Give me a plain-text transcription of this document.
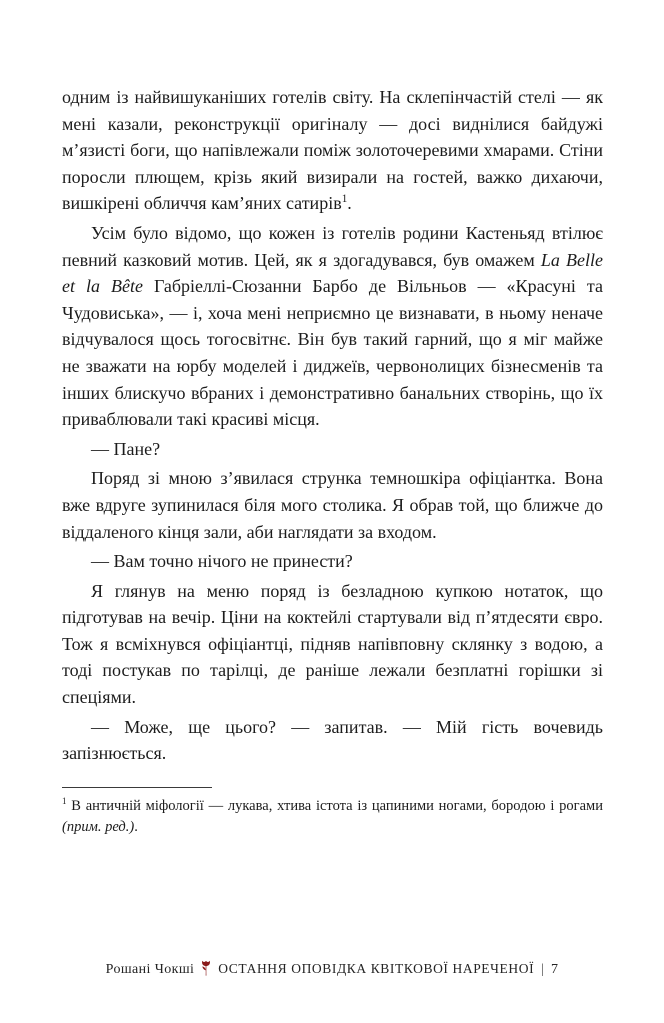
одним із найвишуканіших готелів світу. На склепінчастій стелі — як мені казали, реконструкції оригіналу — досі виднілися байдужі м’язисті боги, що напівлежали поміж золоточеревими хмарами. Стіни поросли плющем, крізь який визирали на гостей, важко дихаючи, вишкірені обличчя кам’яних сатирів$^1$.

Усім було відомо, що кожен із готелів родини Кастеньяд втілює певний казковий мотив. Цей, як я здогадувався, був омажем La Belle et la Bête Габріеллі-Сюзанни Барбо де Вільньов — «Красуні та Чудовиська», — і, хоча мені неприємно це визнавати, в ньому неначе відчувалося щось тогосвітнє. Він був такий гарний, що я міг майже не зважати на юрбу моделей і диджеїв, червонолицих бізнесменів та інших блискучо вбраних і демонстративно банальних створінь, що їх приваблювали такі красиві місця.

— Пане?

Поряд зі мною з’явилася струнка темношкіра офіціантка. Вона вже вдруге зупинилася біля мого столика. Я обрав той, що ближче до віддаленого кінця зали, аби наглядати за входом.

— Вам точно нічого не принести?

Я глянув на меню поряд із безладною купкою нотаток, що підготував на вечір. Ціни на коктейлі стартували від п’ятдесяти євро. Тож я всміхнувся офіціантці, підняв напівповну склянку з водою, а тоді постукав по тарілці, де раніше лежали безплатні горішки зі спеціями.

— Може, ще цього? — запитав. — Мій гість вочевидь запізнюється.

$^1$ В античній міфології — лукава, хтива істота із цапиними ногами, бородою і рогами (прим. ред.).

Рошані Чокші ОСТАННЯ ОПОВІДКА КВІТКОВОЇ НАРЕЧЕНОЇ | 7
